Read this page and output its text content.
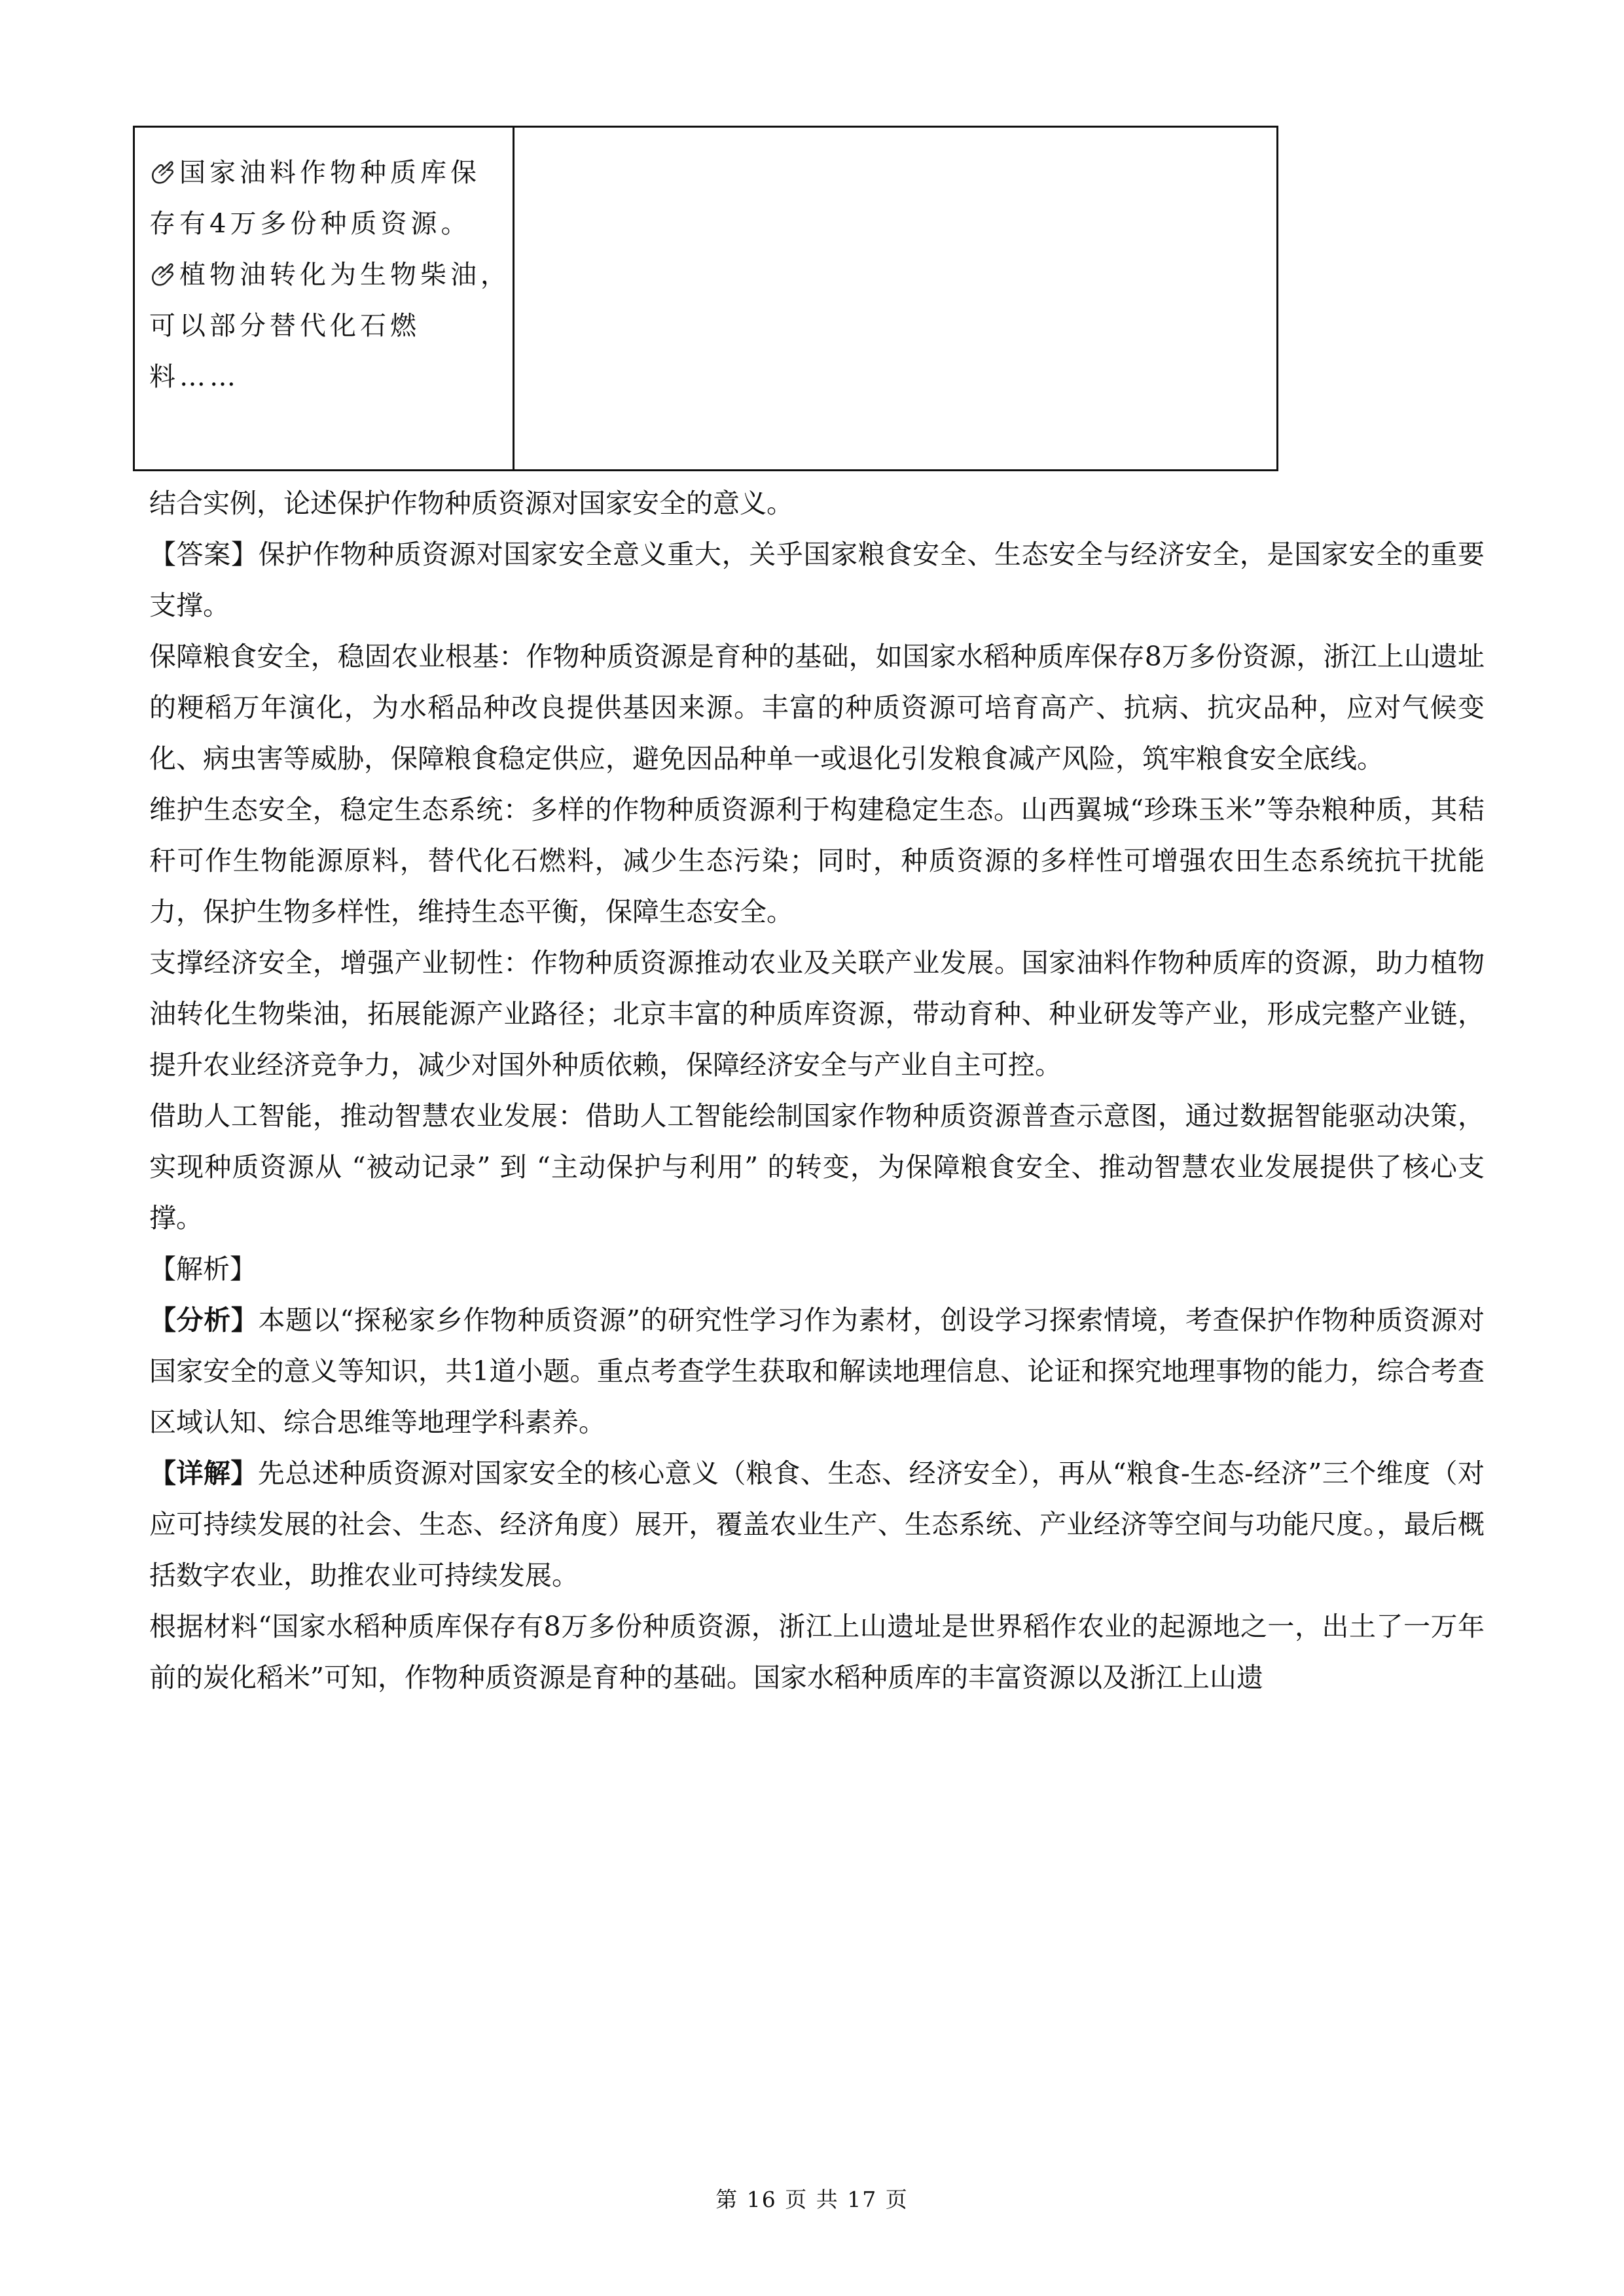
国家油料作物种质库保
存有4万多份种质资源。
植物油转化为生物柴油，
可以部分替代化石燃
料……

结合实例，论述保护作物种质资源对国家安全的意义。

【答案】保护作物种质资源对国家安全意义重大，关乎国家粮食安全、生态安全与经济安全，是国家安全的重要支撑。

保障粮食安全，稳固农业根基：作物种质资源是育种的基础，如国家水稻种质库保存8万多份资源，浙江上山遗址的粳稻万年演化，为水稻品种改良提供基因来源。丰富的种质资源可培育高产、抗病、抗灾品种，应对气候变化、病虫害等威胁，保障粮食稳定供应，避免因品种单一或退化引发粮食减产风险，筑牢粮食安全底线。

维护生态安全，稳定生态系统：多样的作物种质资源利于构建稳定生态。山西翼城“珍珠玉米”等杂粮种质，其秸秆可作生物能源原料，替代化石燃料，减少生态污染；同时，种质资源的多样性可增强农田生态系统抗干扰能力，保护生物多样性，维持生态平衡，保障生态安全。

支撑经济安全，增强产业韧性：作物种质资源推动农业及关联产业发展。国家油料作物种质库的资源，助力植物油转化生物柴油，拓展能源产业路径；北京丰富的种质库资源，带动育种、种业研发等产业，形成完整产业链，提升农业经济竞争力，减少对国外种质依赖，保障经济安全与产业自主可控。

借助人工智能，推动智慧农业发展：借助人工智能绘制国家作物种质资源普查示意图，通过数据智能驱动决策，实现种质资源从 “被动记录” 到 “主动保护与利用” 的转变，为保障粮食安全、推动智慧农业发展提供了核心支撑。

【解析】

【分析】本题以“探秘家乡作物种质资源”的研究性学习作为素材，创设学习探索情境，考查保护作物种质资源对国家安全的意义等知识，共1道小题。重点考查学生获取和解读地理信息、论证和探究地理事物的能力，综合考查区域认知、综合思维等地理学科素养。

【详解】先总述种质资源对国家安全的核心意义（粮食、生态、经济安全），再从“粮食-生态-经济”三个维度（对应可持续发展的社会、生态、经济角度）展开，覆盖农业生产、生态系统、产业经济等空间与功能尺度。，最后概括数字农业，助推农业可持续发展。

根据材料“国家水稻种质库保存有8万多份种质资源，浙江上山遗址是世界稻作农业的起源地之一，出土了一万年前的炭化稻米”可知，作物种质资源是育种的基础。国家水稻种质库的丰富资源以及浙江上山遗

第 16 页 共 17 页
